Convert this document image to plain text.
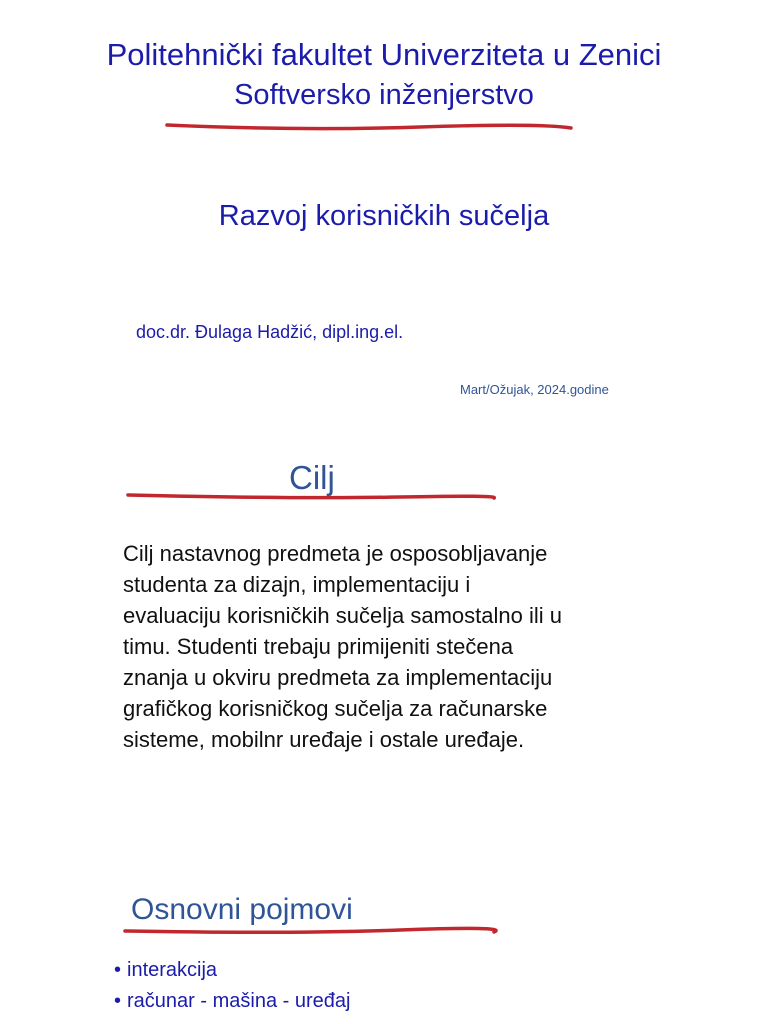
Politehnički fakultet Univerziteta u Zenici
Softversko inženjerstvo
Razvoj korisničkih sučelja
doc.dr. Đulaga Hadžić, dipl.ing.el.
Mart/Ožujak, 2024.godine
Cilj
Cilj nastavnog predmeta je osposobljavanje
studenta za dizajn, implementaciju i
evaluaciju korisničkih sučelja samostalno ili u
timu. Studenti trebaju primijeniti stečena
znanja u okviru predmeta za implementaciju
grafičkog korisničkog sučelja za računarske
sisteme, mobilnr uređaje i ostale uređaje.
Osnovni pojmovi
• interakcija
• računar - mašina - uređaj
